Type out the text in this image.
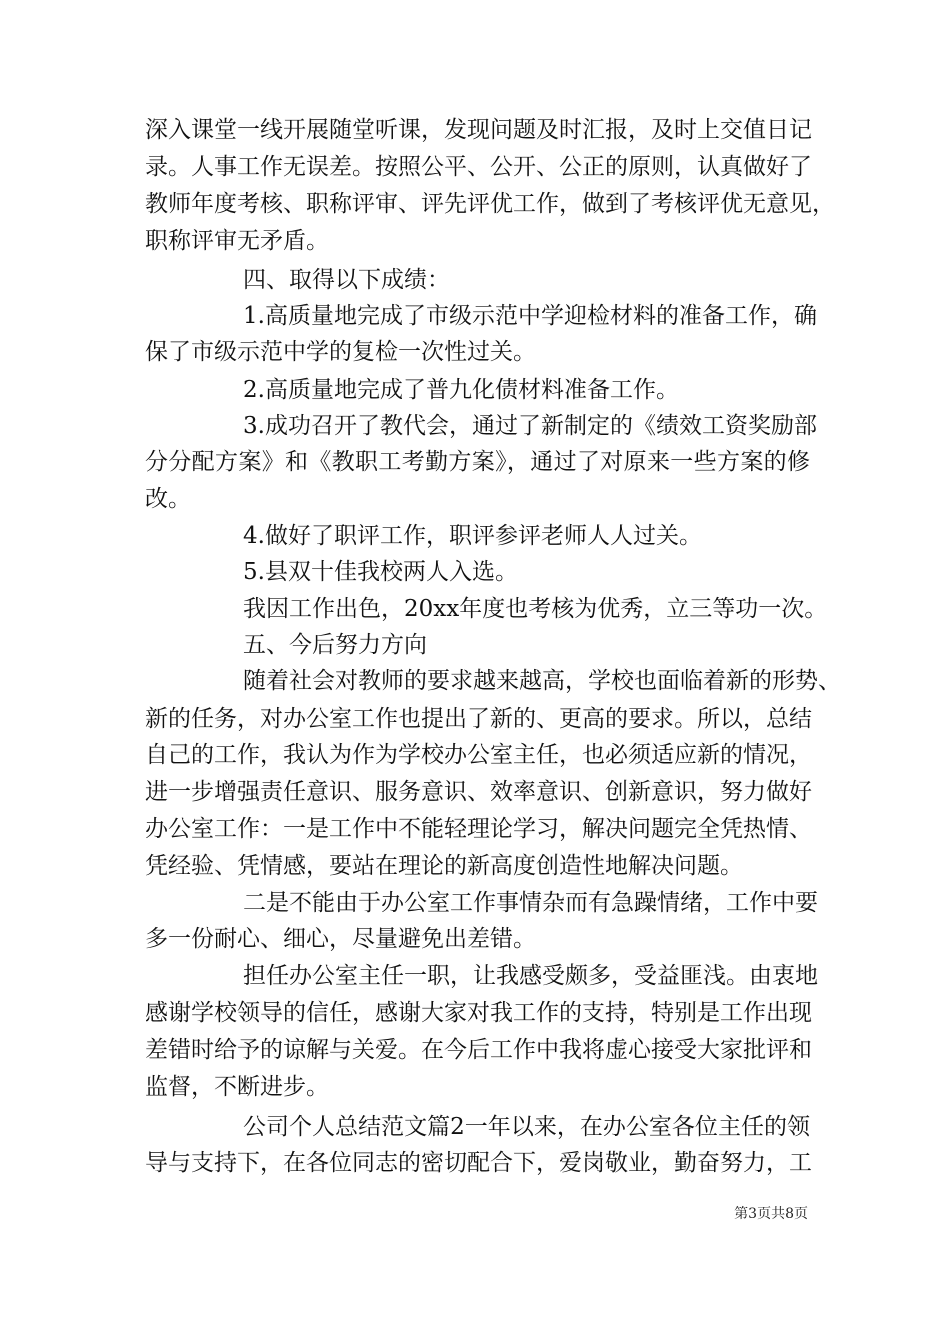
深入课堂一线开展随堂听课，发现问题及时汇报，及时上交值日记
录。人事工作无误差。按照公平、公开、公正的原则，认真做好了
教师年度考核、职称评审、评先评优工作，做到了考核评优无意见，
职称评审无矛盾。
四、取得以下成绩：
1.高质量地完成了市级示范中学迎检材料的准备工作，确
保了市级示范中学的复检一次性过关。
2.高质量地完成了普九化债材料准备工作。
3.成功召开了教代会，通过了新制定的《绩效工资奖励部
分分配方案》和《教职工考勤方案》，通过了对原来一些方案的修
改。
4.做好了职评工作，职评参评老师人人过关。
5.县双十佳我校两人入选。
我因工作出色，20xx年度也考核为优秀，立三等功一次。
五、今后努力方向
随着社会对教师的要求越来越高，学校也面临着新的形势、
新的任务，对办公室工作也提出了新的、更高的要求。所以，总结
自己的工作，我认为作为学校办公室主任，也必须适应新的情况，
进一步增强责任意识、服务意识、效率意识、创新意识，努力做好
办公室工作：一是工作中不能轻理论学习，解决问题完全凭热情、
凭经验、凭情感，要站在理论的新高度创造性地解决问题。
二是不能由于办公室工作事情杂而有急躁情绪，工作中要
多一份耐心、细心，尽量避免出差错。
担任办公室主任一职，让我感受颇多，受益匪浅。由衷地
感谢学校领导的信任，感谢大家对我工作的支持，特别是工作出现
差错时给予的谅解与关爱。在今后工作中我将虚心接受大家批评和
监督，不断进步。
公司个人总结范文篇2一年以来，在办公室各位主任的领
导与支持下，在各位同志的密切配合下，爱岗敬业，勤奋努力，工
第3页共8页
